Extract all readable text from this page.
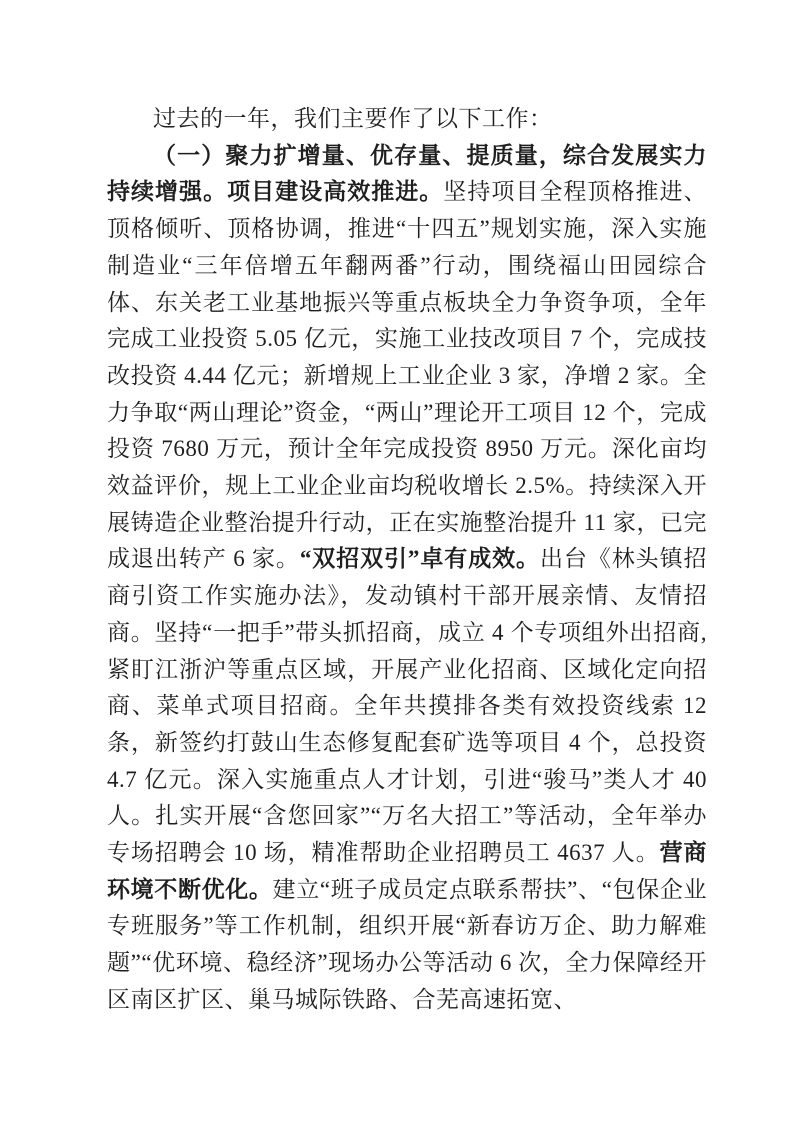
过去的一年，我们主要作了以下工作：

（一）聚力扩增量、优存量、提质量，综合发展实力持续增强。项目建设高效推进。坚持项目全程顶格推进、顶格倾听、顶格协调，推进“十四五”规划实施，深入实施制造业“三年倍增五年翻两番”行动，围绕福山田园综合体、东关老工业基地振兴等重点板块全力争资争项，全年完成工业投资 5.05 亿元，实施工业技改项目 7 个，完成技改投资 4.44 亿元；新增规上工业企业 3 家，净增 2 家。全力争取“两山理论”资金，“两山”理论开工项目 12 个，完成投资 7680 万元，预计全年完成投资 8950 万元。深化亩均效益评价，规上工业企业亩均税收增长 2.5%。持续深入开展铸造企业整治提升行动，正在实施整治提升 11 家，已完成退出转产 6 家。“双招双引”卓有成效。出台《林头镇招商引资工作实施办法》，发动镇村干部开展亲情、友情招商。坚持“一把手”带头抓招商，成立 4 个专项组外出招商,紧盯江浙沪等重点区域，开展产业化招商、区域化定向招商、菜单式项目招商。全年共摸排各类有效投资线索 12 条，新签约打鼓山生态修复配套矿选等项目 4 个，总投资 4.7 亿元。深入实施重点人才计划，引进“骏马”类人才 40 人。扎实开展“含您回家”“万名大招工”等活动，全年举办专场招聘会 10 场，精准帮助企业招聘员工 4637 人。营商环境不断优化。建立“班子成员定点联系帮扶”、“包保企业专班服务”等工作机制，组织开展“新春访万企、助力解难题”“优环境、稳经济”现场办公等活动 6 次，全力保障经开区南区扩区、巢马城际铁路、合芜高速拓宽、
